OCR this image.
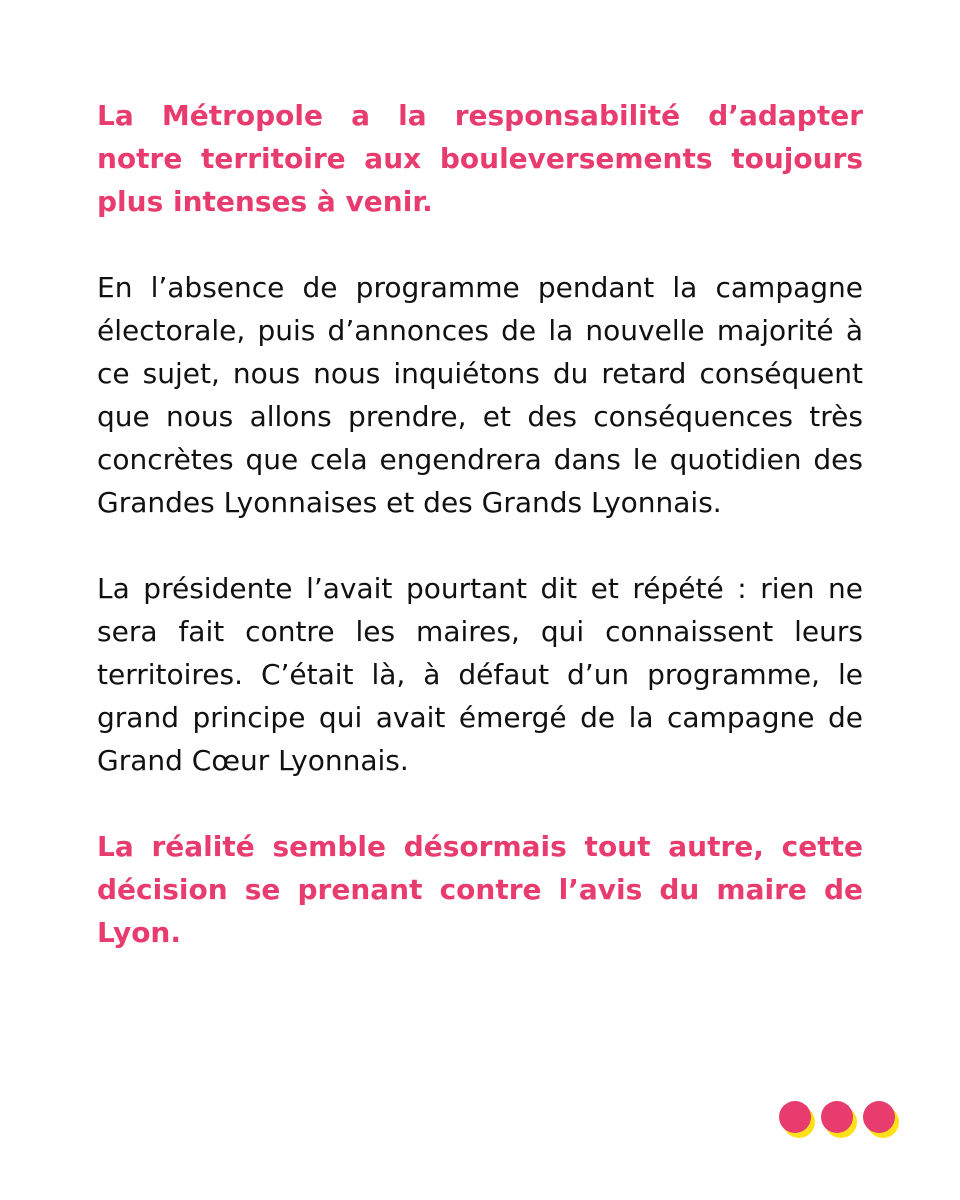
La Métropole a la responsabilité d’adapter notre territoire aux bouleversements toujours plus intenses à venir.

En l’absence de programme pendant la campagne électorale, puis d’annonces de la nouvelle majorité à ce sujet, nous nous inquiétons du retard conséquent que nous allons prendre, et des conséquences très concrètes que cela engendrera dans le quotidien des Grandes Lyonnaises et des Grands Lyonnais.

La présidente l’avait pourtant dit et répété : rien ne sera fait contre les maires, qui connaissent leurs territoires. C’était là, à défaut d’un programme, le grand principe qui avait émergé de la campagne de Grand Cœur Lyonnais.

La réalité semble désormais tout autre, cette décision se prenant contre l’avis du maire de Lyon.
